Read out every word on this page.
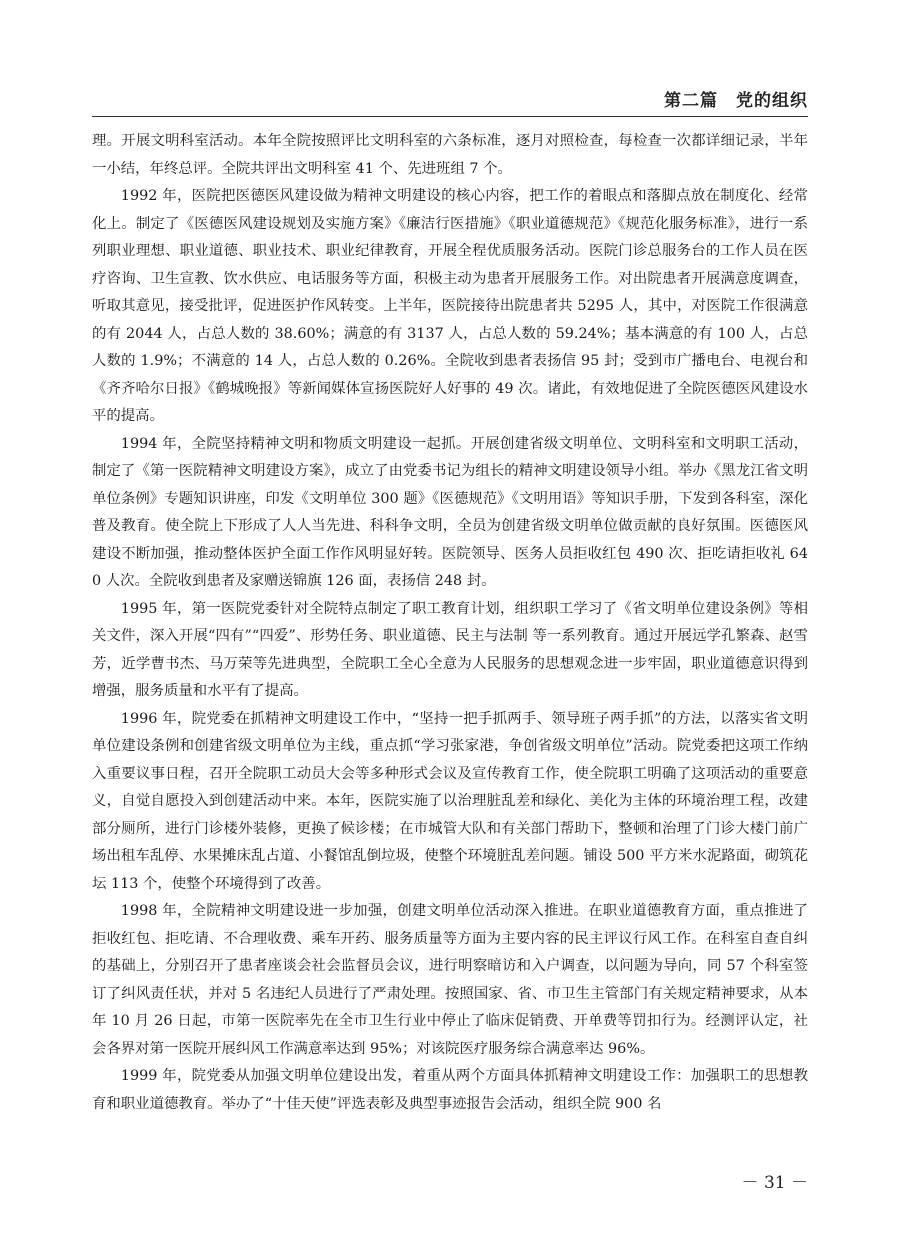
第二篇　党的组织

理。开展文明科室活动。本年全院按照评比文明科室的六条标准，逐月对照检查，每检查一次都详细记录，半年一小结，年终总评。全院共评出文明科室 41 个、先进班组 7 个。

1992 年，医院把医德医风建设做为精神文明建设的核心内容，把工作的着眼点和落脚点放在制度化、经常化上。制定了《医德医风建设规划及实施方案》《廉洁行医措施》《职业道德规范》《规范化服务标准》，进行一系列职业理想、职业道德、职业技术、职业纪律教育，开展全程优质服务活动。医院门诊总服务台的工作人员在医疗咨询、卫生宣教、饮水供应、电话服务等方面，积极主动为患者开展服务工作。对出院患者开展满意度调查，听取其意见，接受批评，促进医护作风转变。上半年，医院接待出院患者共 5295 人，其中，对医院工作很满意的有 2044 人，占总人数的 38.60%；满意的有 3137 人，占总人数的 59.24%；基本满意的有 100 人，占总人数的 1.9%；不满意的 14 人，占总人数的 0.26%。全院收到患者表扬信 95 封；受到市广播电台、电视台和《齐齐哈尔日报》《鹤城晚报》等新闻媒体宣扬医院好人好事的 49 次。诸此，有效地促进了全院医德医风建设水平的提高。

1994 年，全院坚持精神文明和物质文明建设一起抓。开展创建省级文明单位、文明科室和文明职工活动，制定了《第一医院精神文明建设方案》，成立了由党委书记为组长的精神文明建设领导小组。举办《黑龙江省文明单位条例》专题知识讲座，印发《文明单位 300 题》《医德规范》《文明用语》等知识手册，下发到各科室，深化普及教育。使全院上下形成了人人当先进、科科争文明，全员为创建省级文明单位做贡献的良好氛围。医德医风建设不断加强，推动整体医护全面工作作风明显好转。医院领导、医务人员拒收红包 490 次、拒吃请拒收礼 640 人次。全院收到患者及家赠送锦旗 126 面，表扬信 248 封。

1995 年，第一医院党委针对全院特点制定了职工教育计划，组织职工学习了《省文明单位建设条例》等相关文件，深入开展“四有”“四爱”、形势任务、职业道德、民主与法制 等一系列教育。通过开展远学孔繁森、赵雪芳，近学曹书杰、马万荣等先进典型，全院职工全心全意为人民服务的思想观念进一步牢固，职业道德意识得到增强，服务质量和水平有了提高。

1996 年，院党委在抓精神文明建设工作中，“坚持一把手抓两手、领导班子两手抓”的方法，以落实省文明单位建设条例和创建省级文明单位为主线，重点抓“学习张家港，争创省级文明单位”活动。院党委把这项工作纳入重要议事日程，召开全院职工动员大会等多种形式会议及宣传教育工作，使全院职工明确了这项活动的重要意义，自觉自愿投入到创建活动中来。本年，医院实施了以治理脏乱差和绿化、美化为主体的环境治理工程，改建部分厕所，进行门诊楼外装修，更换了候诊楼；在市城管大队和有关部门帮助下，整顿和治理了门诊大楼门前广场出租车乱停、水果摊床乱占道、小餐馆乱倒垃圾，使整个环境脏乱差问题。铺设 500 平方米水泥路面，砌筑花坛 113 个，使整个环境得到了改善。

1998 年，全院精神文明建设进一步加强，创建文明单位活动深入推进。在职业道德教育方面，重点推进了拒收红包、拒吃请、不合理收费、乘车开药、服务质量等方面为主要内容的民主评议行风工作。在科室自查自纠的基础上，分别召开了患者座谈会社会监督员会议，进行明察暗访和入户调查，以问题为导向，同 57 个科室签订了纠风责任状，并对 5 名违纪人员进行了严肃处理。按照国家、省、市卫生主管部门有关规定精神要求，从本年 10 月 26 日起，市第一医院率先在全市卫生行业中停止了临床促销费、开单费等罚扣行为。经测评认定，社会各界对第一医院开展纠风工作满意率达到 95%；对该院医疗服务综合满意率达 96%。

1999 年，院党委从加强文明单位建设出发，着重从两个方面具体抓精神文明建设工作：加强职工的思想教育和职业道德教育。举办了“十佳天使”评选表彰及典型事迹报告会活动，组织全院 900 名

－ 31 －
